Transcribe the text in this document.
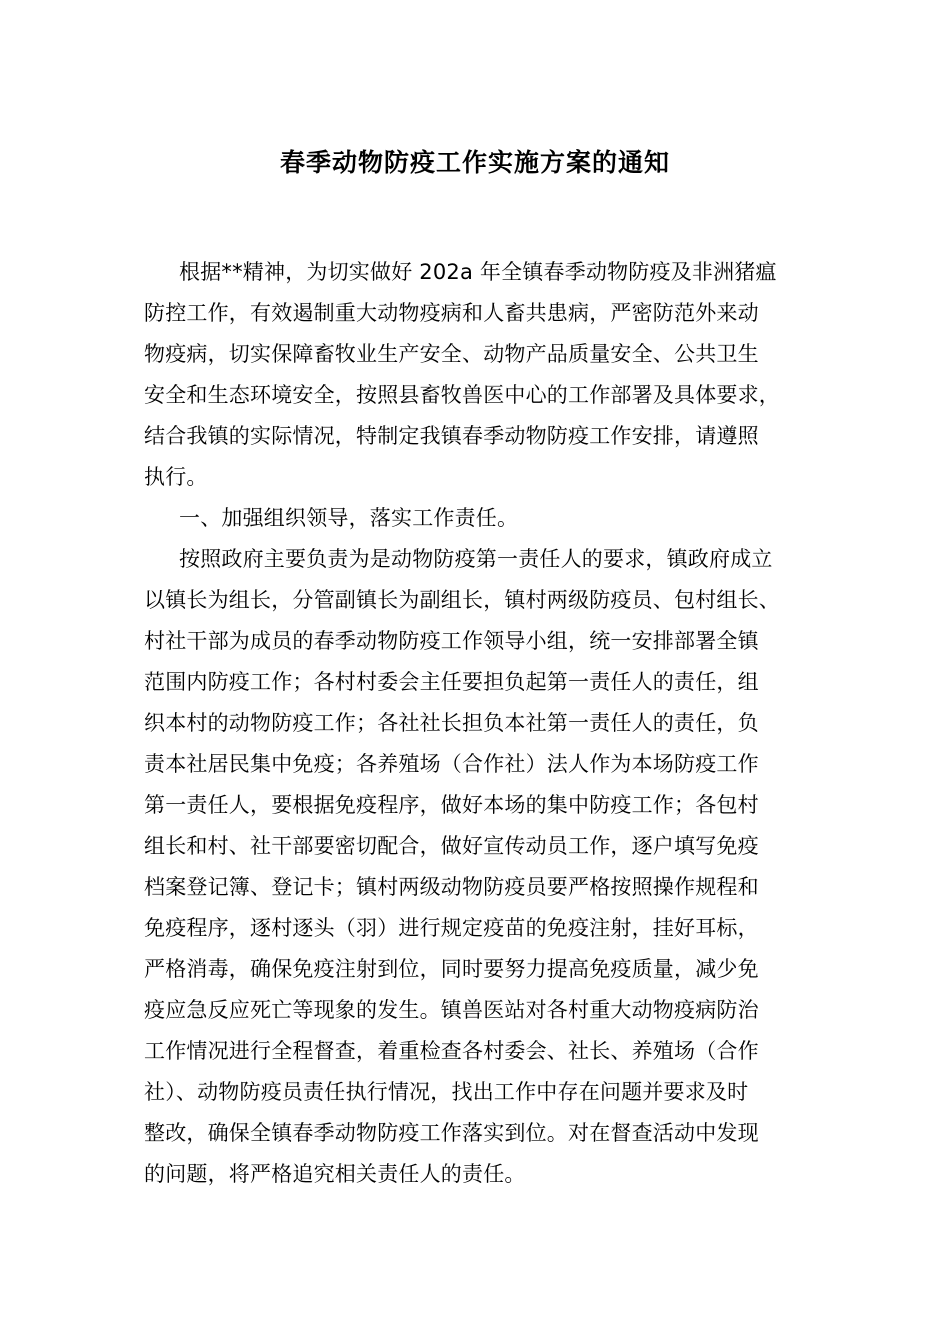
春季动物防疫工作实施方案的通知
根据**精神，为切实做好 202a 年全镇春季动物防疫及非洲猪瘟
防控工作，有效遏制重大动物疫病和人畜共患病，严密防范外来动
物疫病，切实保障畜牧业生产安全、动物产品质量安全、公共卫生
安全和生态环境安全，按照县畜牧兽医中心的工作部署及具体要求，
结合我镇的实际情况，特制定我镇春季动物防疫工作安排，请遵照
执行。
一、加强组织领导，落实工作责任。
按照政府主要负责为是动物防疫第一责任人的要求，镇政府成立
以镇长为组长，分管副镇长为副组长，镇村两级防疫员、包村组长、
村社干部为成员的春季动物防疫工作领导小组，统一安排部署全镇
范围内防疫工作；各村村委会主任要担负起第一责任人的责任，组
织本村的动物防疫工作；各社社长担负本社第一责任人的责任，负
责本社居民集中免疫；各养殖场（合作社）法人作为本场防疫工作
第一责任人，要根据免疫程序，做好本场的集中防疫工作；各包村
组长和村、社干部要密切配合，做好宣传动员工作，逐户填写免疫
档案登记簿、登记卡；镇村两级动物防疫员要严格按照操作规程和
免疫程序，逐村逐头（羽）进行规定疫苗的免疫注射，挂好耳标，
严格消毒，确保免疫注射到位，同时要努力提高免疫质量，减少免
疫应急反应死亡等现象的发生。镇兽医站对各村重大动物疫病防治
工作情况进行全程督查，着重检查各村委会、社长、养殖场（合作
社）、动物防疫员责任执行情况，找出工作中存在问题并要求及时
整改，确保全镇春季动物防疫工作落实到位。对在督查活动中发现
的问题，将严格追究相关责任人的责任。
